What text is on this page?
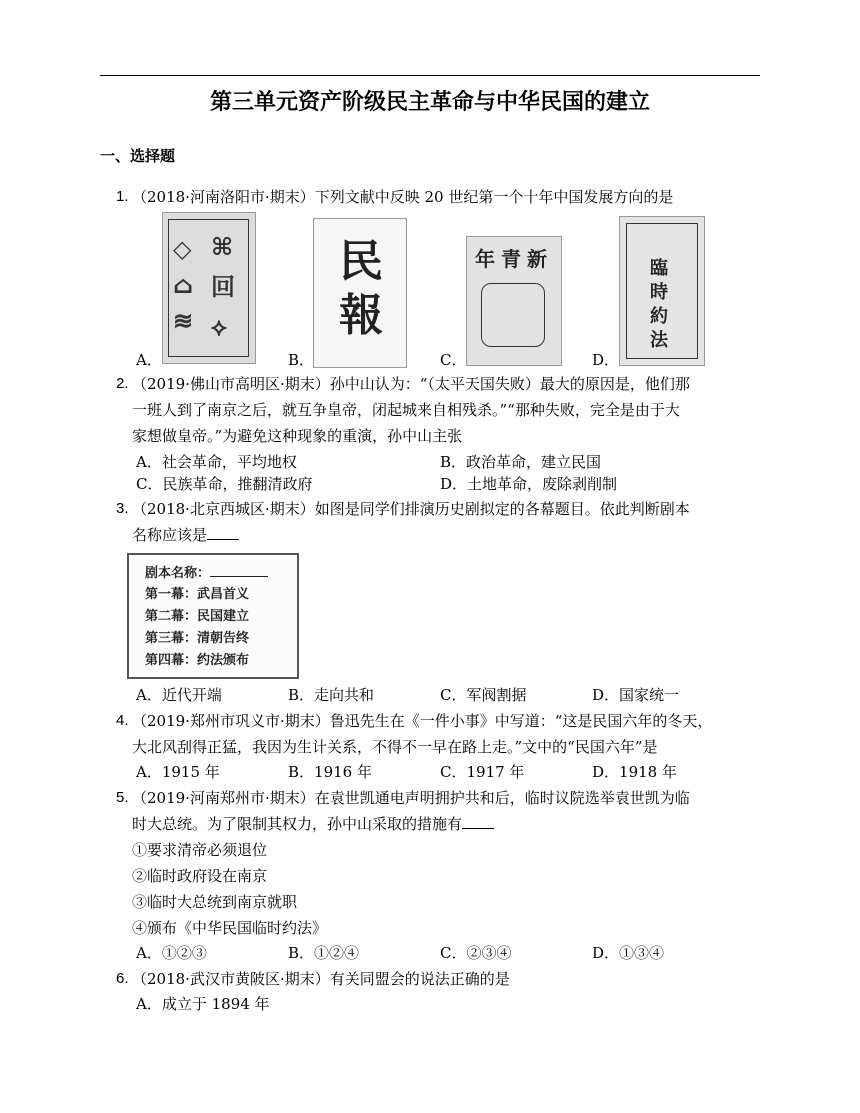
第三单元资产阶级民主革命与中华民国的建立
一、选择题
1. （2018·河南洛阳市·期末）下列文献中反映 20 世纪第一个十年中国发展方向的是
◇
⌂
≋
⌘
回
⟡
A．
民報
B．
年青新
C．
臨時約法
D．
2. （2019·佛山市高明区·期末）孙中山认为：“（太平天国失败）最大的原因是，他们那
一班人到了南京之后，就互争皇帝，闭起城来自相残杀。”“那种失败，完全是由于大
家想做皇帝。”为避免这种现象的重演，孙中山主张
A．社会革命，平均地权	B．政治革命，建立民国
C．民族革命，推翻清政府	D．土地革命，废除剥削制
3. （2018·北京西城区·期末）如图是同学们排演历史剧拟定的各幕题目。依此判断剧本
名称应该是
剧本名称：
第一幕：武昌首义
第二幕：民国建立
第三幕：清朝告终
第四幕：约法颁布
A．近代开端	B．走向共和	C．军阀割据	D．国家统一
4. （2019·郑州市巩义市·期末）鲁迅先生在《一件小事》中写道：“这是民国六年的冬天，
大北风刮得正猛，我因为生计关系，不得不一早在路上走。”文中的“民国六年”是
A．1915 年	B．1916 年	C．1917 年	D．1918 年
5. （2019·河南郑州市·期末）在袁世凯通电声明拥护共和后，临时议院选举袁世凯为临
时大总统。为了限制其权力，孙中山采取的措施有
①要求清帝必须退位
②临时政府设在南京
③临时大总统到南京就职
④颁布《中华民国临时约法》
A．①②③	B．①②④	C．②③④	D．①③④
6. （2018·武汉市黄陂区·期末）有关同盟会的说法正确的是
A．成立于 1894 年
